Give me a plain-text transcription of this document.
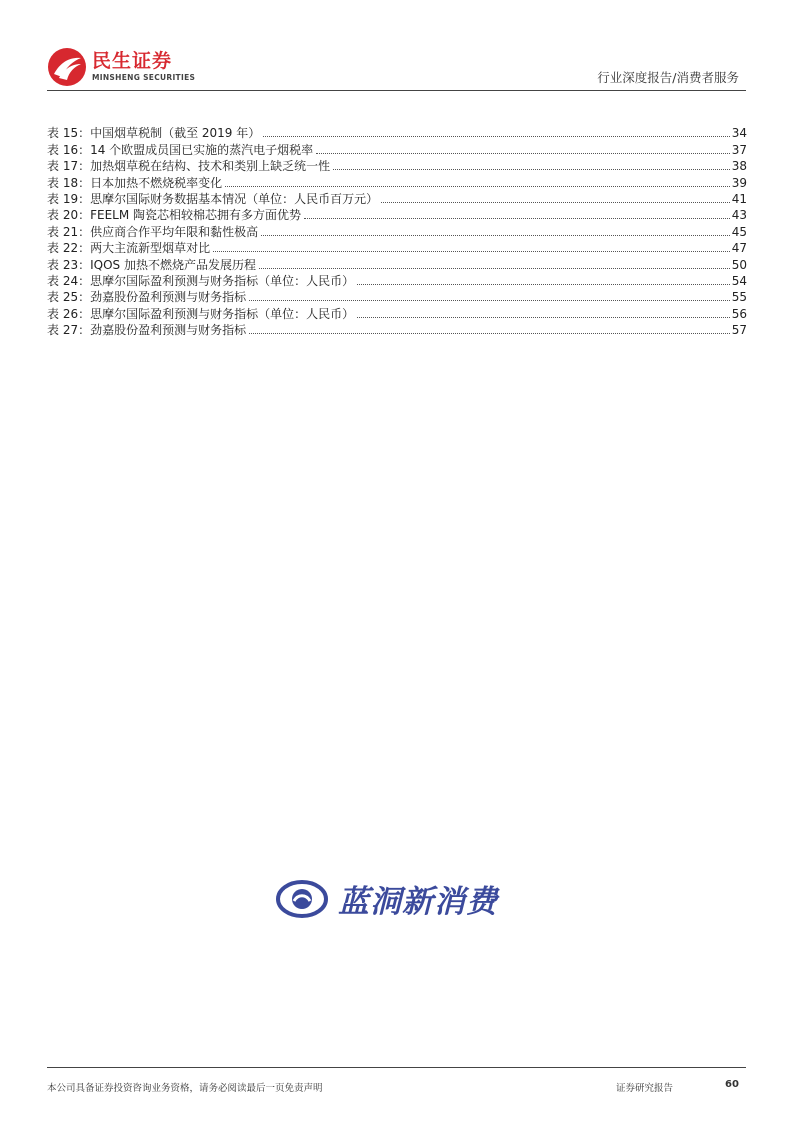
民生证券
MINSHENG SECURITIES	行业深度报告/消费者服务
表 15：中国烟草税制（截至 2019 年）	34
表 16：14 个欧盟成员国已实施的蒸汽电子烟税率	37
表 17：加热烟草税在结构、技术和类别上缺乏统一性	38
表 18：日本加热不燃烧税率变化	39
表 19：思摩尔国际财务数据基本情况（单位：人民币百万元）	41
表 20：FEELM 陶瓷芯相较棉芯拥有多方面优势	43
表 21：供应商合作平均年限和黏性极高	45
表 22：两大主流新型烟草对比	47
表 23：IQOS 加热不燃烧产品发展历程	50
表 24：思摩尔国际盈利预测与财务指标（单位：人民币）	54
表 25：劲嘉股份盈利预测与财务指标	55
表 26：思摩尔国际盈利预测与财务指标（单位：人民币）	56
表 27：劲嘉股份盈利预测与财务指标	57
蓝洞新消费
本公司具备证券投资咨询业务资格，请务必阅读最后一页免责声明	证券研究报告	60
